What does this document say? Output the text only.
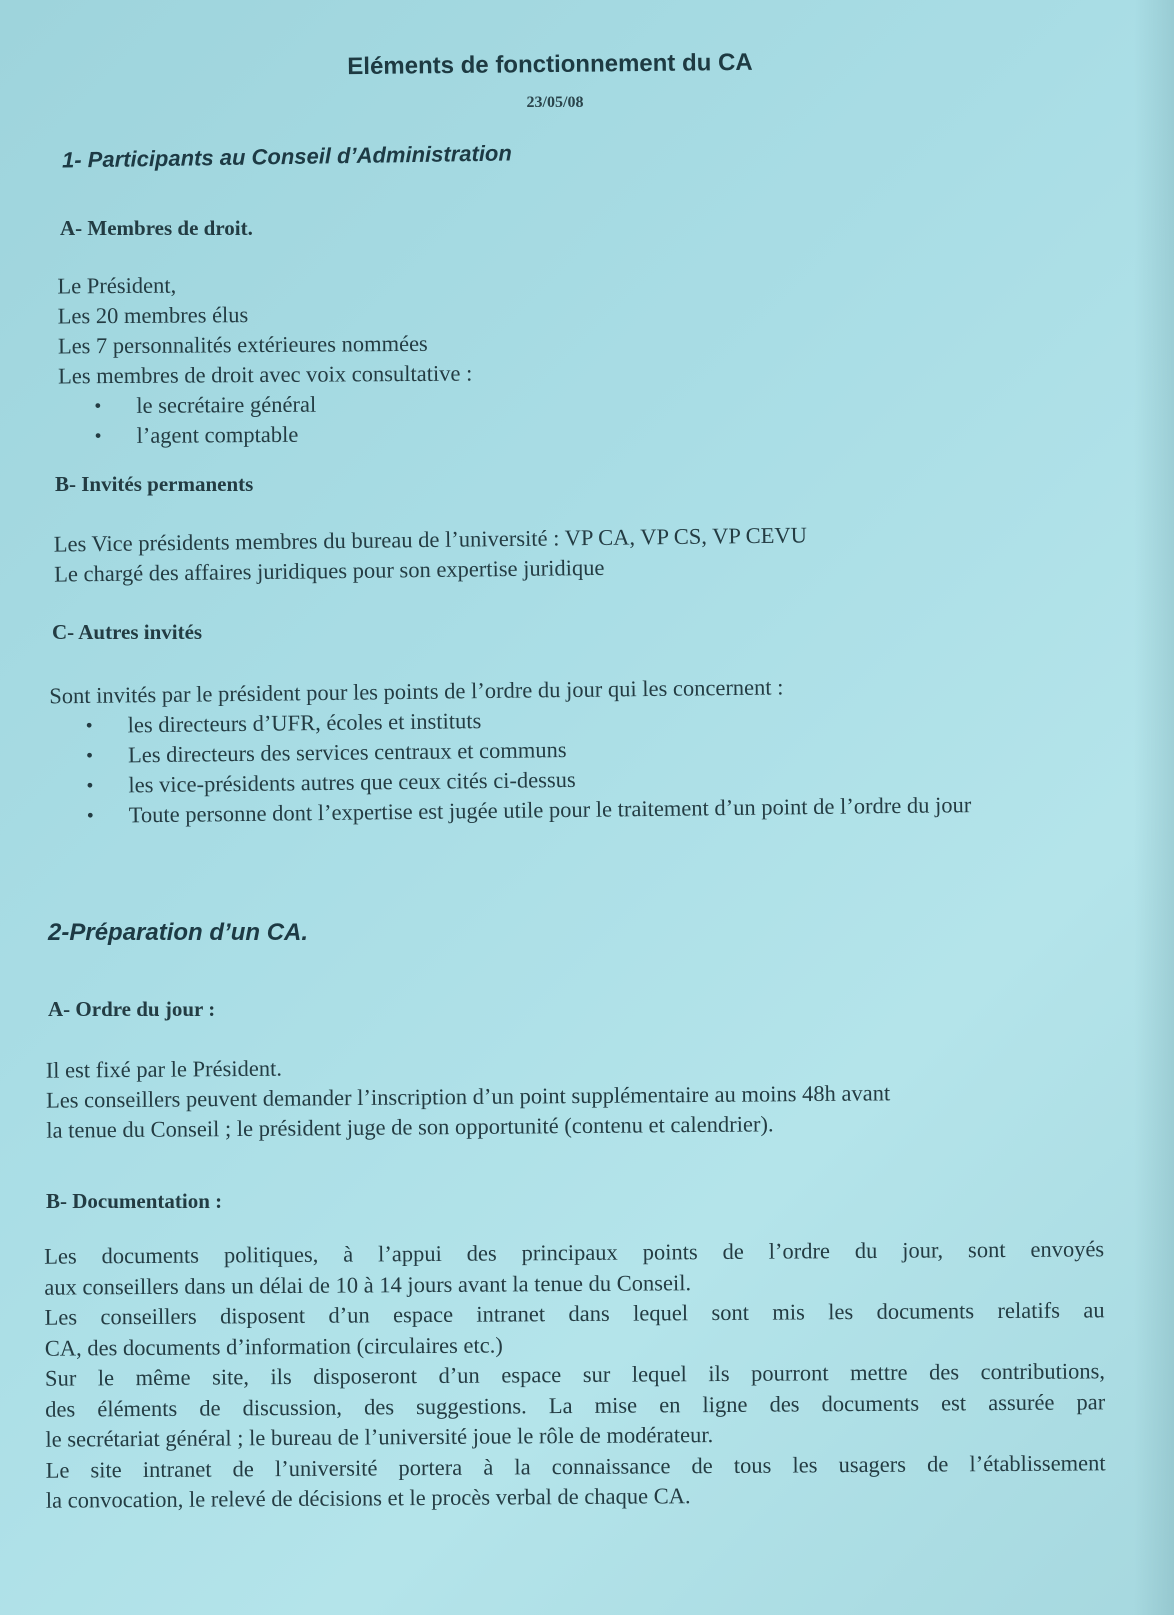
Eléments de fonctionnement du CA
23/05/08
1- Participants au Conseil d’Administration
A- Membres de droit.
Le Président,
Les 20 membres élus
Les 7 personnalités extérieures nommées
Les membres de droit avec voix consultative :
• le secrétaire général
• l’agent comptable
B- Invités permanents
Les Vice présidents membres du bureau de l’université : VP CA, VP CS, VP CEVU
Le chargé des affaires juridiques pour son expertise juridique
C- Autres invités
Sont invités par le président pour les points de l’ordre du jour qui les concernent :
• les directeurs d’UFR, écoles et instituts
• Les directeurs des services centraux et communs
• les vice-présidents autres que ceux cités ci-dessus
• Toute personne dont l’expertise est jugée utile pour le traitement d’un point de l’ordre du jour
2-Préparation d’un CA.
A- Ordre du jour :
Il est fixé par le Président.
Les conseillers peuvent demander l’inscription d’un point supplémentaire au moins 48h avant
la tenue du Conseil ; le président juge de son opportunité (contenu et calendrier).
B- Documentation :
Les documents politiques, à l’appui des principaux points de l’ordre du jour, sont envoyés
aux conseillers dans un délai de 10 à 14 jours avant la tenue du Conseil.
Les conseillers disposent d’un espace intranet dans lequel sont mis les documents relatifs au
CA, des documents d’information (circulaires etc.)
Sur le même site, ils disposeront d’un espace sur lequel ils pourront mettre des contributions,
des éléments de discussion, des suggestions. La mise en ligne des documents est assurée par
le secrétariat général ; le bureau de l’université joue le rôle de modérateur.
Le site intranet de l’université portera à la connaissance de tous les usagers de l’établissement
la convocation, le relevé de décisions et le procès verbal de chaque CA.
